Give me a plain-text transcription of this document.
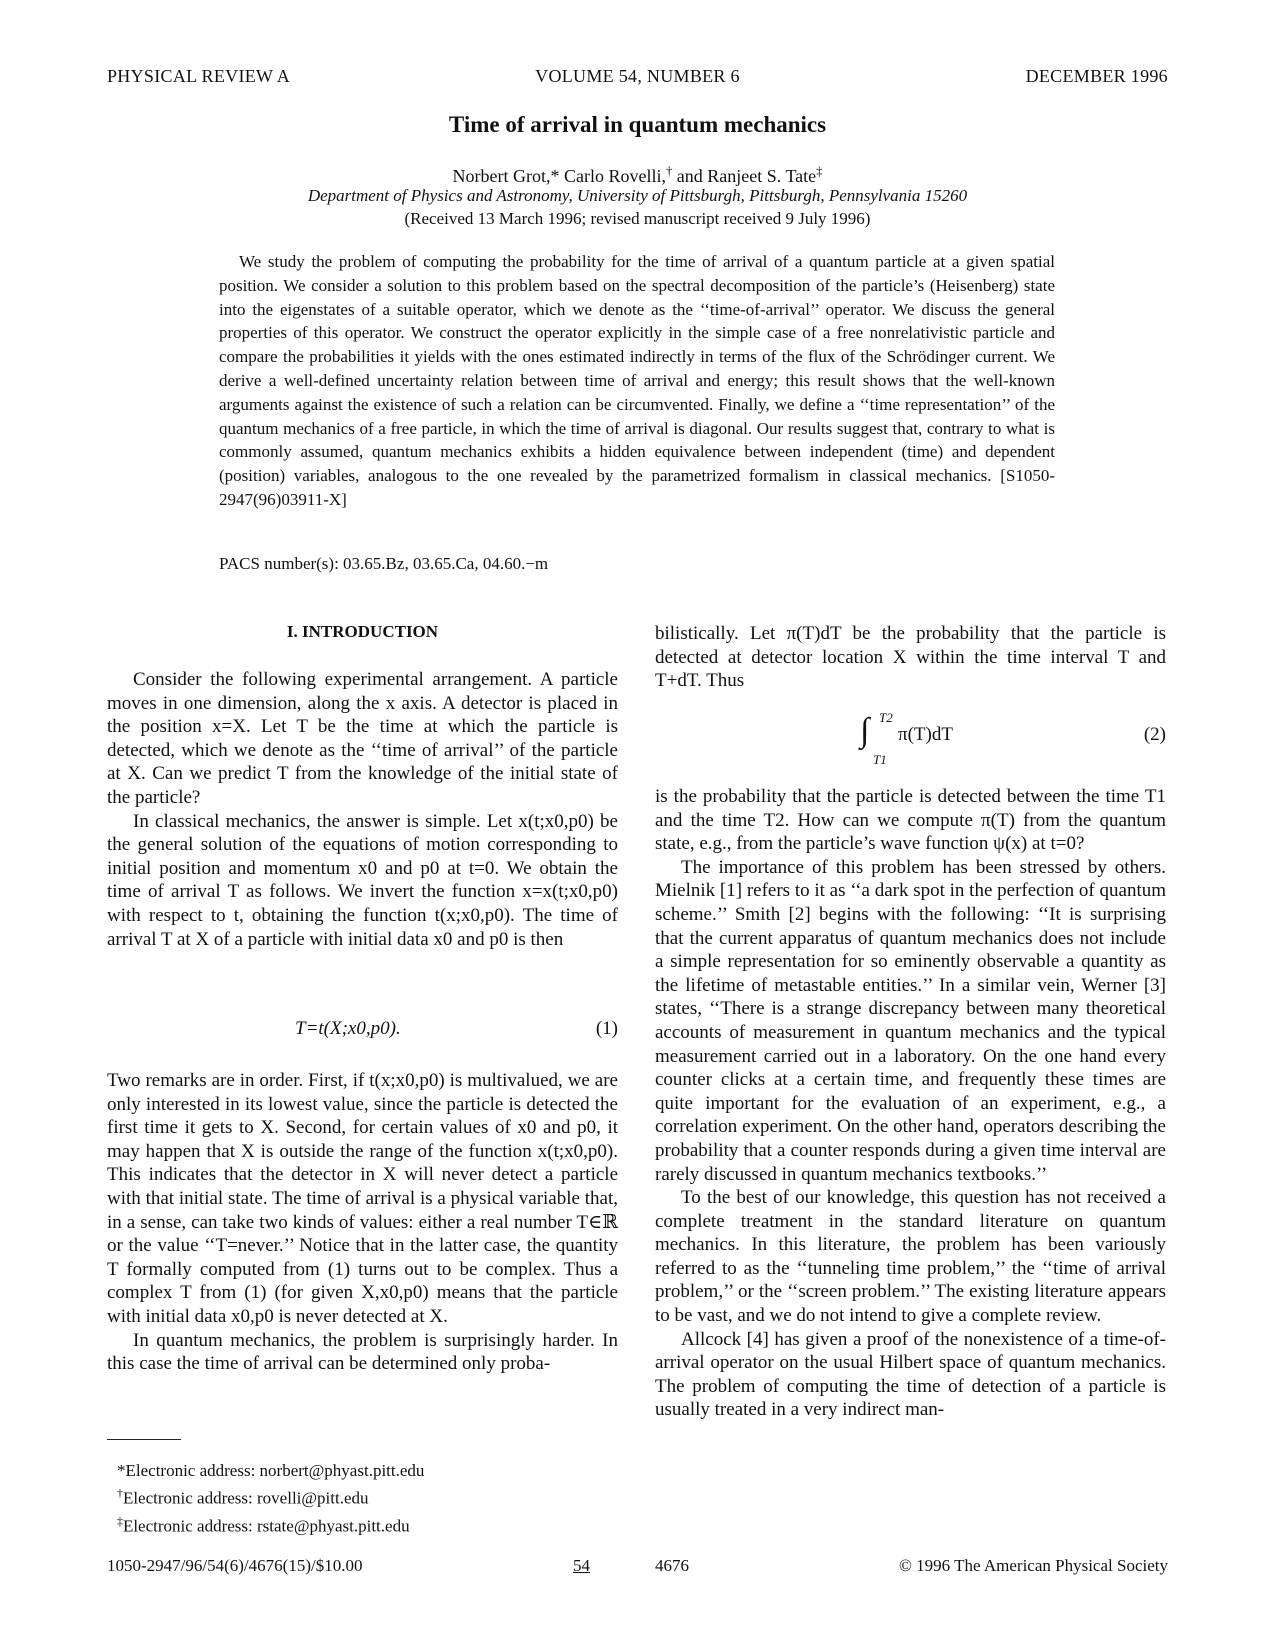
PHYSICAL REVIEW A	VOLUME 54, NUMBER 6	DECEMBER 1996
Time of arrival in quantum mechanics
Norbert Grot,* Carlo Rovelli,† and Ranjeet S. Tate‡
Department of Physics and Astronomy, University of Pittsburgh, Pittsburgh, Pennsylvania 15260
(Received 13 March 1996; revised manuscript received 9 July 1996)

We study the problem of computing the probability for the time of arrival of a quantum particle at a given spatial position. We consider a solution to this problem based on the spectral decomposition of the particle’s (Heisenberg) state into the eigenstates of a suitable operator, which we denote as the ‘‘time-of-arrival’’ operator. We discuss the general properties of this operator. We construct the operator explicitly in the simple case of a free nonrelativistic particle and compare the probabilities it yields with the ones estimated indirectly in terms of the flux of the Schrödinger current. We derive a well-defined uncertainty relation between time of arrival and energy; this result shows that the well-known arguments against the existence of such a relation can be circumvented. Finally, we define a ‘‘time representation’’ of the quantum mechanics of a free particle, in which the time of arrival is diagonal. Our results suggest that, contrary to what is commonly assumed, quantum mechanics exhibits a hidden equivalence between independent (time) and dependent (position) variables, analogous to the one revealed by the parametrized formalism in classical mechanics. [S1050-2947(96)03911-X]

PACS number(s): 03.65.Bz, 03.65.Ca, 04.60.−m
I. INTRODUCTION

Consider the following experimental arrangement. A particle moves in one dimension, along the x axis. A detector is placed in the position x=X. Let T be the time at which the particle is detected, which we denote as the ‘‘time of arrival’’ of the particle at X. Can we predict T from the knowledge of the initial state of the particle?

In classical mechanics, the answer is simple. Let x(t;x0,p0) be the general solution of the equations of motion corresponding to initial position and momentum x0 and p0 at t=0. We obtain the time of arrival T as follows. We invert the function x=x(t;x0,p0) with respect to t, obtaining the function t(x;x0,p0). The time of arrival T at X of a particle with initial data x0 and p0 is then

T=t(X;x0,p0).	(1)

Two remarks are in order. First, if t(x;x0,p0) is multivalued, we are only interested in its lowest value, since the particle is detected the first time it gets to X. Second, for certain values of x0 and p0, it may happen that X is outside the range of the function x(t;x0,p0). This indicates that the detector in X will never detect a particle with that initial state. The time of arrival is a physical variable that, in a sense, can take two kinds of values: either a real number T∈ℝ or the value ‘‘T=never.’’ Notice that in the latter case, the quantity T formally computed from (1) turns out to be complex. Thus a complex T from (1) (for given X,x0,p0) means that the particle with initial data x0,p0 is never detected at X.

In quantum mechanics, the problem is surprisingly harder. In this case the time of arrival can be determined only proba-

*Electronic address: norbert@phyast.pitt.edu
†Electronic address: rovelli@pitt.edu
‡Electronic address: rstate@phyast.pitt.edu

bilistically. Let π(T)dT be the probability that the particle is detected at detector location X within the time interval T and T+dT. Thus

∫ T2
T1
π(T)dT	(2)

is the probability that the particle is detected between the time T1 and the time T2. How can we compute π(T) from the quantum state, e.g., from the particle’s wave function ψ(x) at t=0?

The importance of this problem has been stressed by others. Mielnik [1] refers to it as ‘‘a dark spot in the perfection of quantum scheme.’’ Smith [2] begins with the following: ‘‘It is surprising that the current apparatus of quantum mechanics does not include a simple representation for so eminently observable a quantity as the lifetime of metastable entities.’’ In a similar vein, Werner [3] states, ‘‘There is a strange discrepancy between many theoretical accounts of measurement in quantum mechanics and the typical measurement carried out in a laboratory. On the one hand every counter clicks at a certain time, and frequently these times are quite important for the evaluation of an experiment, e.g., a correlation experiment. On the other hand, operators describing the probability that a counter responds during a given time interval are rarely discussed in quantum mechanics textbooks.’’

To the best of our knowledge, this question has not received a complete treatment in the standard literature on quantum mechanics. In this literature, the problem has been variously referred to as the ‘‘tunneling time problem,’’ the ‘‘time of arrival problem,’’ or the ‘‘screen problem.’’ The existing literature appears to be vast, and we do not intend to give a complete review.

Allcock [4] has given a proof of the nonexistence of a time-of-arrival operator on the usual Hilbert space of quantum mechanics. The problem of computing the time of detection of a particle is usually treated in a very indirect man-

1050-2947/96/54(6)/4676(15)/$10.00	54	4676	© 1996 The American Physical Society
